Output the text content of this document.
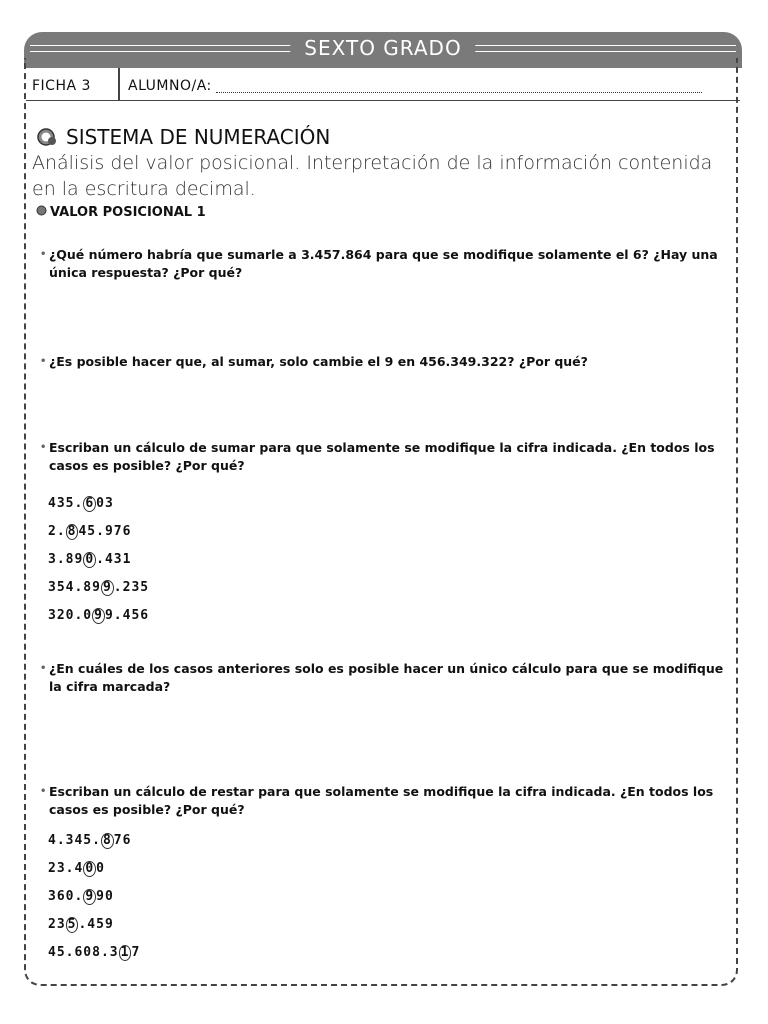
SEXTO GRADO
FICHA 3	ALUMNO/A:
SISTEMA DE NUMERACIÓN
Análisis del valor posicional. Interpretación de la información contenida en la escritura decimal.
VALOR POSICIONAL 1
• ¿Qué número habría que sumarle a 3.457.864 para que se modifique solamente el 6? ¿Hay una única respuesta? ¿Por qué?
• ¿Es posible hacer que, al sumar, solo cambie el 9 en 456.349.322? ¿Por qué?
• Escriban un cálculo de sumar para que solamente se modifique la cifra indicada. ¿En todos los casos es posible? ¿Por qué?
435. 6 03
2. 8 45.976
3.89 0 .431
354.89 9 .235
320.0 9 9.456
• ¿En cuáles de los casos anteriores solo es posible hacer un único cálculo para que se modifique la cifra marcada?
• Escriban un cálculo de restar para que solamente se modifique la cifra indicada. ¿En todos los casos es posible? ¿Por qué?
4.345. 8 76
23.4 0 0
360. 9 90
23 5 .459
45.608.3 1 7
